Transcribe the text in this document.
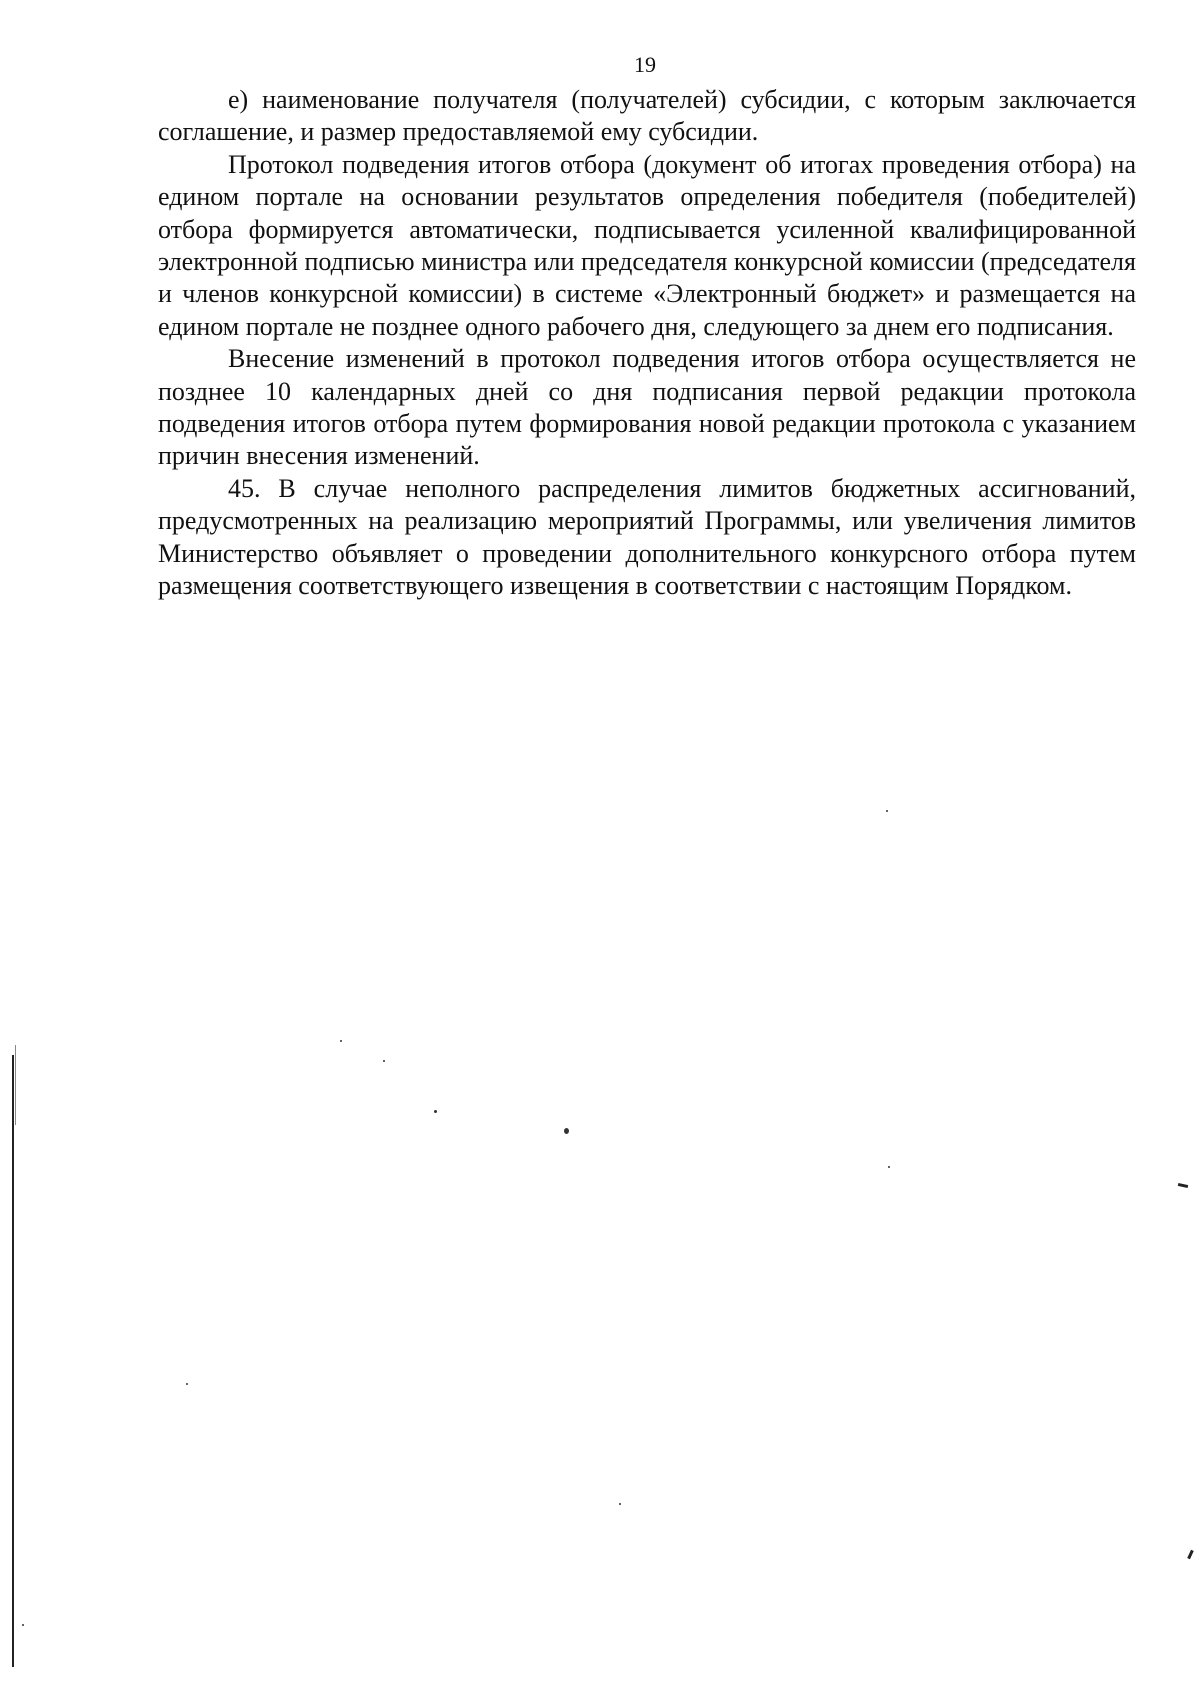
19

е) наименование получателя (получателей) субсидии, с которым заключается соглашение, и размер предоставляемой ему субсидии.

Протокол подведения итогов отбора (документ об итогах проведения отбора) на едином портале на основании результатов определения победителя (победителей) отбора формируется автоматически, подписывается усиленной квалифицированной электронной подписью министра или председателя конкурсной комиссии (председателя и членов конкурсной комиссии) в системе «Электронный бюджет» и размещается на едином портале не позднее одного рабочего дня, следующего за днем его подписания.

Внесение изменений в протокол подведения итогов отбора осуществляется не позднее 10 календарных дней со дня подписания первой редакции протокола подведения итогов отбора путем формирования новой редакции протокола с указанием причин внесения изменений.

45. В случае неполного распределения лимитов бюджетных ассигнований, предусмотренных на реализацию мероприятий Программы, или увеличения лимитов Министерство объявляет о проведении дополнительного конкурсного отбора путем размещения соответствующего извещения в соответствии с настоящим Порядком.
